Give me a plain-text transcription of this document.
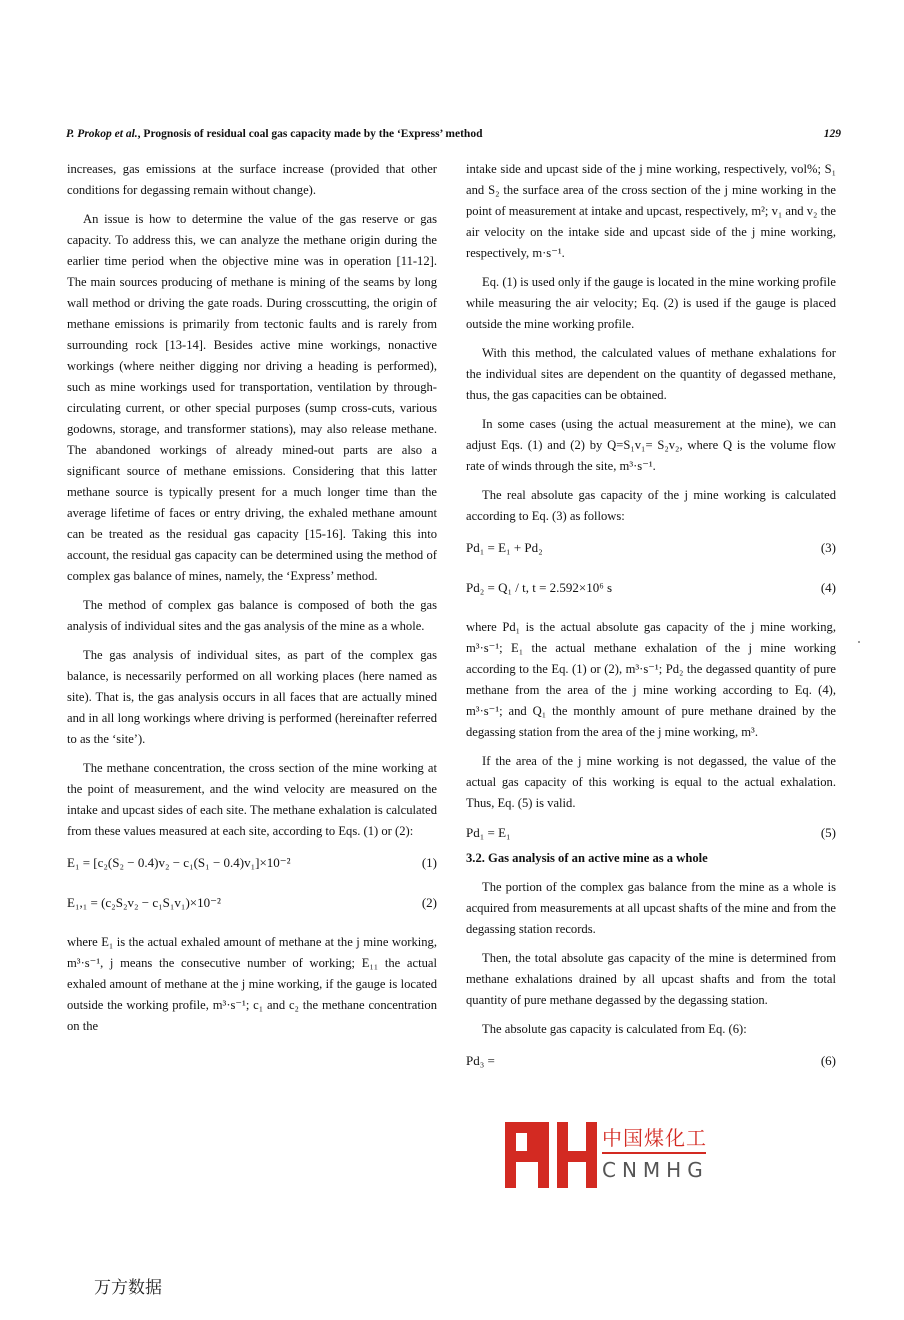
P. Prokop et al., Prognosis of residual coal gas capacity made by the ‘Express’ method	129

increases, gas emissions at the surface increase (provided that other conditions for degassing remain without change).

An issue is how to determine the value of the gas reserve or gas capacity. To address this, we can analyze the methane origin during the earlier time period when the objective mine was in operation [11-12]. The main sources producing of methane is mining of the seams by long wall method or driving the gate roads. During crosscutting, the origin of methane emissions is primarily from tectonic faults and is rarely from surrounding rock [13-14]. Besides active mine workings, nonactive workings (where neither digging nor driving a heading is performed), such as mine workings used for transportation, ventilation by through-circulating current, or other special purposes (sump cross-cuts, various godowns, storage, and transformer stations), may also release methane. The abandoned workings of already mined-out parts are also a significant source of methane emissions. Considering that this latter methane source is typically present for a much longer time than the average lifetime of faces or entry driving, the exhaled methane amount can be treated as the residual gas capacity [15-16]. Taking this into account, the residual gas capacity can be determined using the method of complex gas balance of mines, namely, the ‘Express’ method.

The method of complex gas balance is composed of both the gas analysis of individual sites and the gas analysis of the mine as a whole.

The gas analysis of individual sites, as part of the complex gas balance, is necessarily performed on all working places (here named as site). That is, the gas analysis occurs in all faces that are actually mined and in all long workings where driving is performed (hereinafter referred to as the ‘site’).

The methane concentration, the cross section of the mine working at the point of measurement, and the wind velocity are measured on the intake and upcast sides of each site. The methane exhalation is calculated from these values measured at each site, according to Eqs. (1) or (2):

E₁ = [c₂(S₂ − 0.4)v₂ − c₁(S₁ − 0.4)v₁]×10⁻²	(1)
E₁,₁ = (c₂S₂v₂ − c₁S₁v₁)×10⁻²	(2)

where E₁ is the actual exhaled amount of methane at the j mine working, m³·s⁻¹, j means the consecutive number of working; E₁₁ the actual exhaled amount of methane at the j mine working, if the gauge is located outside the working profile, m³·s⁻¹; c₁ and c₂ the methane concentration on the

intake side and upcast side of the j mine working, respectively, vol%; S₁ and S₂ the surface area of the cross section of the j mine working in the point of measurement at intake and upcast, respectively, m²; v₁ and v₂ the air velocity on the intake side and upcast side of the j mine working, respectively, m·s⁻¹.

Eq. (1) is used only if the gauge is located in the mine working profile while measuring the air velocity; Eq. (2) is used if the gauge is placed outside the mine working profile.

With this method, the calculated values of methane exhalations for the individual sites are dependent on the quantity of degassed methane, thus, the gas capacities can be obtained.

In some cases (using the actual measurement at the mine), we can adjust Eqs. (1) and (2) by Q=S₁v₁= S₂v₂, where Q is the volume flow rate of winds through the site, m³·s⁻¹.

The real absolute gas capacity of the j mine working is calculated according to Eq. (3) as follows:

Pd₁ = E₁ + Pd₂	(3)
Pd₂ = Q₁ / t, t = 2.592×10⁶ s	(4)

where Pd₁ is the actual absolute gas capacity of the j mine working, m³·s⁻¹; E₁ the actual methane exhalation of the j mine working according to the Eq. (1) or (2), m³·s⁻¹; Pd₂ the degassed quantity of pure methane from the area of the j mine working according to Eq. (4), m³·s⁻¹; and Q₁ the monthly amount of pure methane drained by the degassing station from the area of the j mine working, m³.

If the area of the j mine working is not degassed, the value of the actual gas capacity of this working is equal to the actual exhalation. Thus, Eq. (5) is valid.

Pd₁ = E₁	(5)
3.2. Gas analysis of an active mine as a whole

The portion of the complex gas balance from the mine as a whole is acquired from measurements at all upcast shafts of the mine and from the degassing station records.

Then, the total absolute gas capacity of the mine is determined from methane exhalations drained by all upcast shafts and from the total quantity of pure methane degassed by the degassing station.

The absolute gas capacity is calculated from Eq. (6):

Pd₃ =	(6)
中国煤化工
CNMHG
万方数据
